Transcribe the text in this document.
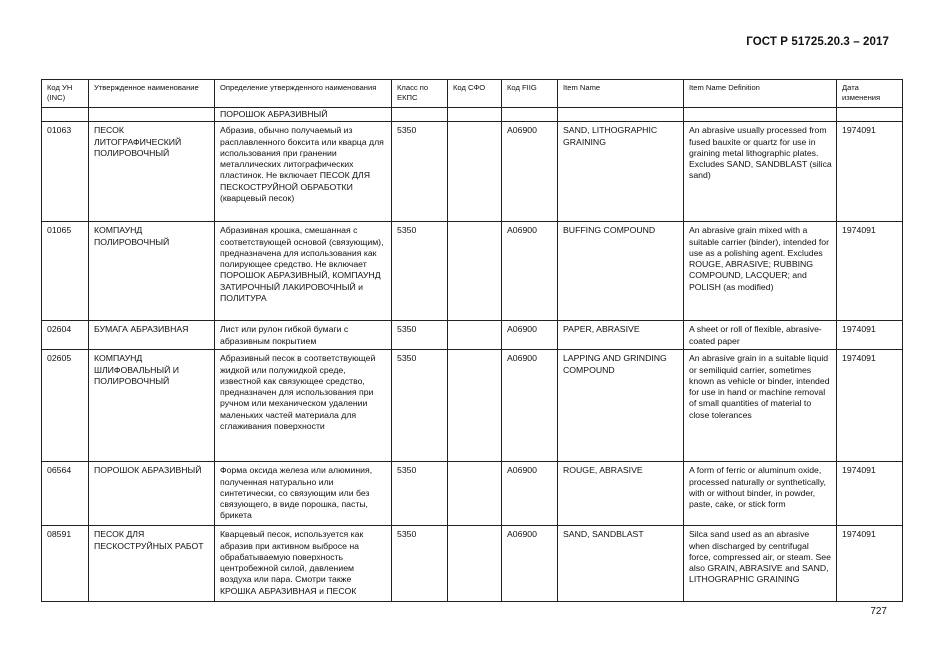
ГОСТ Р 51725.20.3 – 2017
Код УН (INC)	Утвержденное наименование	Определение утвержденного наименования	Класс по ЕКПС	Код СФО	Код FIIG	Item Name	Item Name Definition	Дата изменения
		ПОРОШОК АБРАЗИВНЫЙ						
01063	ПЕСОК ЛИТОГРАФИЧЕСКИЙ ПОЛИРОВОЧНЫЙ	Абразив, обычно получаемый из расплавленного боксита или кварца для использования при гранении металлических литографических пластинок. Не включает ПЕСОК ДЛЯ ПЕСКОСТРУЙНОЙ ОБРАБОТКИ (кварцевый песок)	5350		A06900	SAND, LITHOGRAPHIC GRAINING	An abrasive usually processed from fused bauxite or quartz for use in graining metal lithographic plates. Excludes SAND, SANDBLAST (silica sand)	1974091
01065	КОМПАУНД ПОЛИРОВОЧНЫЙ	Абразивная крошка, смешанная с соответствующей основой (связующим), предназначена для использования как полирующее средство. Не включает ПОРОШОК АБРАЗИВНЫЙ, КОМПАУНД ЗАТИРОЧНЫЙ ЛАКИРОВОЧНЫЙ и ПОЛИТУРА	5350		A06900	BUFFING COMPOUND	An abrasive grain mixed with a suitable carrier (binder), intended for use as a polishing agent. Excludes ROUGE, ABRASIVE; RUBBING COMPOUND, LACQUER; and POLISH (as modified)	1974091
02604	БУМАГА АБРАЗИВНАЯ	Лист или рулон гибкой бумаги с абразивным покрытием	5350		A06900	PAPER, ABRASIVE	A sheet or roll of flexible, abrasive-coated paper	1974091
02605	КОМПАУНД ШЛИФОВАЛЬНЫЙ И ПОЛИРОВОЧНЫЙ	Абразивный песок в соответствующей жидкой или полужидкой среде, известной как связующее средство, предназначен для использования при ручном или механическом удалении маленьких частей материала для сглаживания поверхности	5350		A06900	LAPPING AND GRINDING COMPOUND	An abrasive grain in a suitable liquid or semiliquid carrier, sometimes known as vehicle or binder, intended for use in hand or machine removal of small quantities of material to close tolerances	1974091
06564	ПОРОШОК АБРАЗИВНЫЙ	Форма оксида железа или алюминия, полученная натурально или синтетически, со связующим или без связующего, в виде порошка, пасты, брикета	5350		A06900	ROUGE, ABRASIVE	A form of ferric or aluminum oxide, processed naturally or synthetically, with or without binder, in powder, paste, cake, or stick form	1974091
08591	ПЕСОК ДЛЯ ПЕСКОСТРУЙНЫХ РАБОТ	Кварцевый песок, используется как абразив при активном выбросе на обрабатываемую поверхность центробежной силой, давлением воздуха или пара. Смотри также КРОШКА АБРАЗИВНАЯ и ПЕСОК	5350		A06900	SAND, SANDBLAST	Silca sand used as an abrasive when discharged by centrifugal force, compressed air, or steam. See also GRAIN, ABRASIVE and SAND, LITHOGRAPHIC GRAINING	1974091
727
